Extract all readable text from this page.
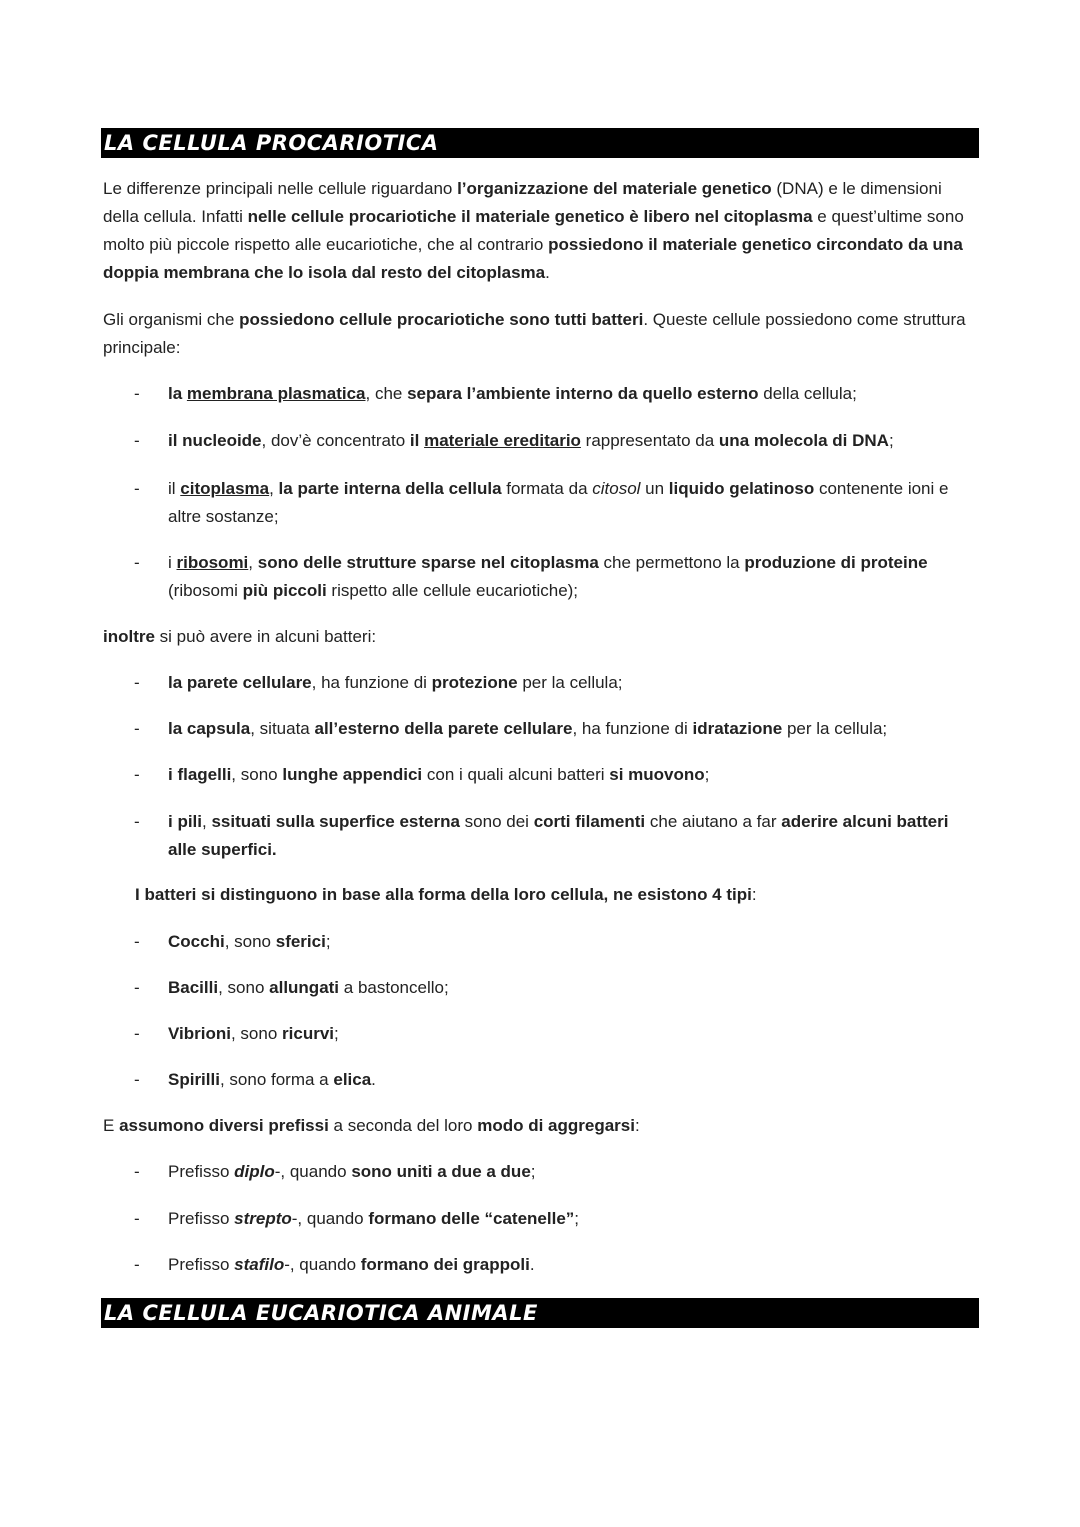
LA CELLULA PROCARIOTICA

Le differenze principali nelle cellule riguardano l’organizzazione del materiale genetico (DNA) e le dimensioni della cellula. Infatti nelle cellule procariotiche il materiale genetico è libero nel citoplasma e quest’ultime sono molto più piccole rispetto alle eucariotiche, che al contrario possiedono il materiale genetico circondato da una doppia membrana che lo isola dal resto del citoplasma.

Gli organismi che possiedono cellule procariotiche sono tutti batteri. Queste cellule possiedono come struttura principale:

- la membrana plasmatica, che separa l’ambiente interno da quello esterno della cellula;
- il nucleoide, dov’è concentrato il materiale ereditario rappresentato da una molecola di DNA;
- il citoplasma, la parte interna della cellula formata da citosol un liquido gelatinoso contenente ioni e altre sostanze;
- i ribosomi, sono delle strutture sparse nel citoplasma che permettono la produzione di proteine (ribosomi più piccoli rispetto alle cellule eucariotiche);

inoltre si può avere in alcuni batteri:

- la parete cellulare, ha funzione di protezione per la cellula;
- la capsula, situata all’esterno della parete cellulare, ha funzione di idratazione per la cellula;
- i flagelli, sono lunghe appendici con i quali alcuni batteri si muovono;
- i pili, ssituati sulla superfice esterna sono dei corti filamenti che aiutano a far aderire alcuni batteri alle superfici.

I batteri si distinguono in base alla forma della loro cellula, ne esistono 4 tipi:

- Cocchi, sono sferici;
- Bacilli, sono allungati a bastoncello;
- Vibrioni, sono ricurvi;
- Spirilli, sono forma a elica.

E assumono diversi prefissi a seconda del loro modo di aggregarsi:

- Prefisso diplo-, quando sono uniti a due a due;
- Prefisso strepto-, quando formano delle “catenelle”;
- Prefisso stafilo-, quando formano dei grappoli.
LA CELLULA EUCARIOTICA ANIMALE
